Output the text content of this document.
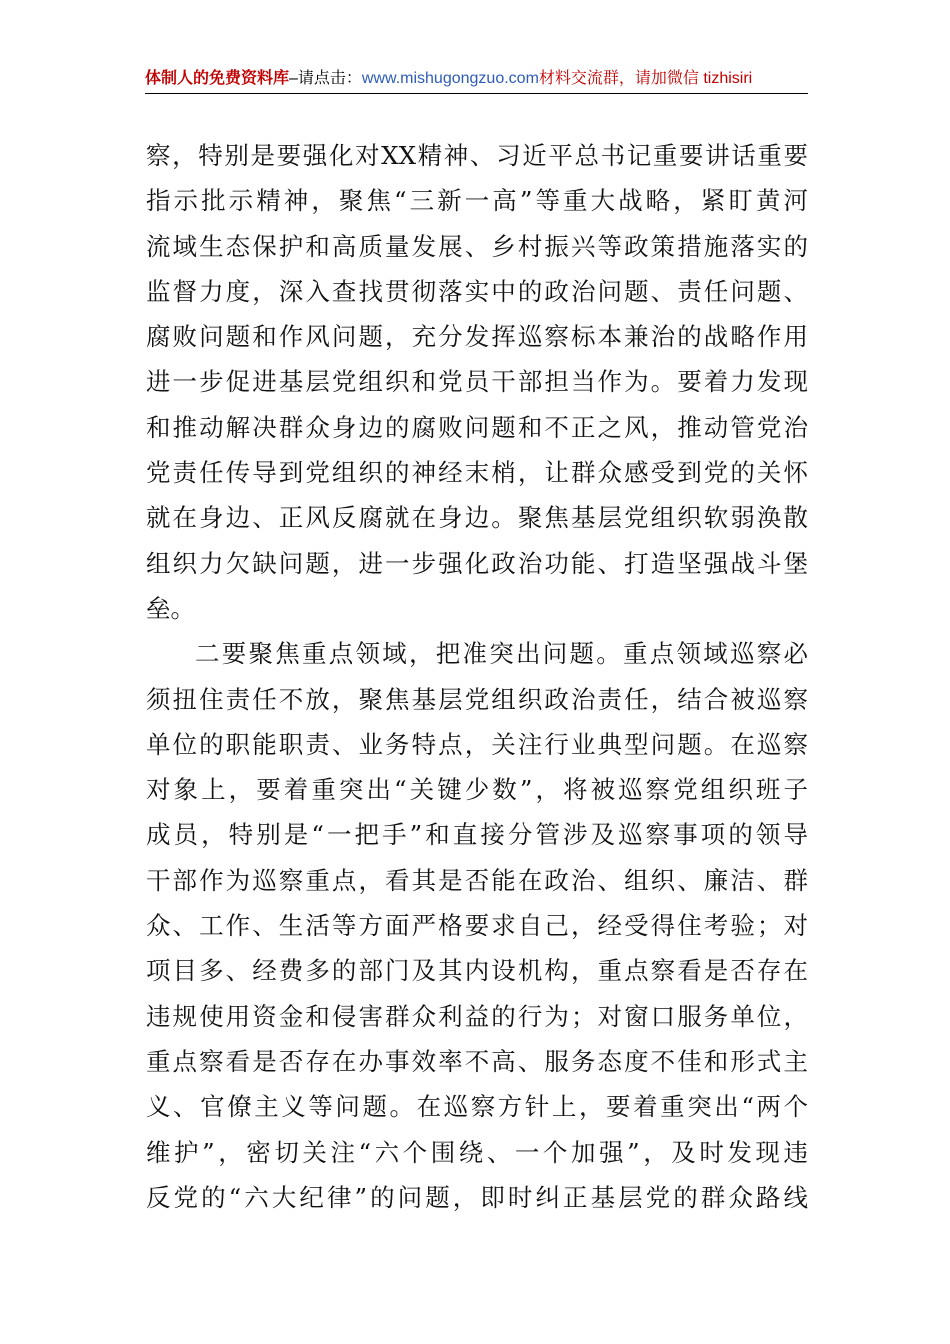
体制人的免费资料库–请点击：www.mishugongzuo.com材料交流群，请加微信 tizhisiri
察，特别是要强化对XX精神、习近平总书记重要讲话重要
指示批示精神，聚焦“三新一高”等重大战略，紧盯黄河
流域生态保护和高质量发展、乡村振兴等政策措施落实的
监督力度，深入查找贯彻落实中的政治问题、责任问题、
腐败问题和作风问题，充分发挥巡察标本兼治的战略作用
进一步促进基层党组织和党员干部担当作为。要着力发现
和推动解决群众身边的腐败问题和不正之风，推动管党治
党责任传导到党组织的神经末梢，让群众感受到党的关怀
就在身边、正风反腐就在身边。聚焦基层党组织软弱涣散
组织力欠缺问题，进一步强化政治功能、打造坚强战斗堡
垒。
二要聚焦重点领域，把准突出问题。重点领域巡察必
须扭住责任不放，聚焦基层党组织政治责任，结合被巡察
单位的职能职责、业务特点，关注行业典型问题。在巡察
对象上，要着重突出“关键少数”，将被巡察党组织班子
成员，特别是“一把手”和直接分管涉及巡察事项的领导
干部作为巡察重点，看其是否能在政治、组织、廉洁、群
众、工作、生活等方面严格要求自己，经受得住考验；对
项目多、经费多的部门及其内设机构，重点察看是否存在
违规使用资金和侵害群众利益的行为；对窗口服务单位，
重点察看是否存在办事效率不高、服务态度不佳和形式主
义、官僚主义等问题。在巡察方针上，要着重突出“两个
维护”，密切关注“六个围绕、一个加强”，及时发现违
反党的“六大纪律”的问题，即时纠正基层党的群众路线
